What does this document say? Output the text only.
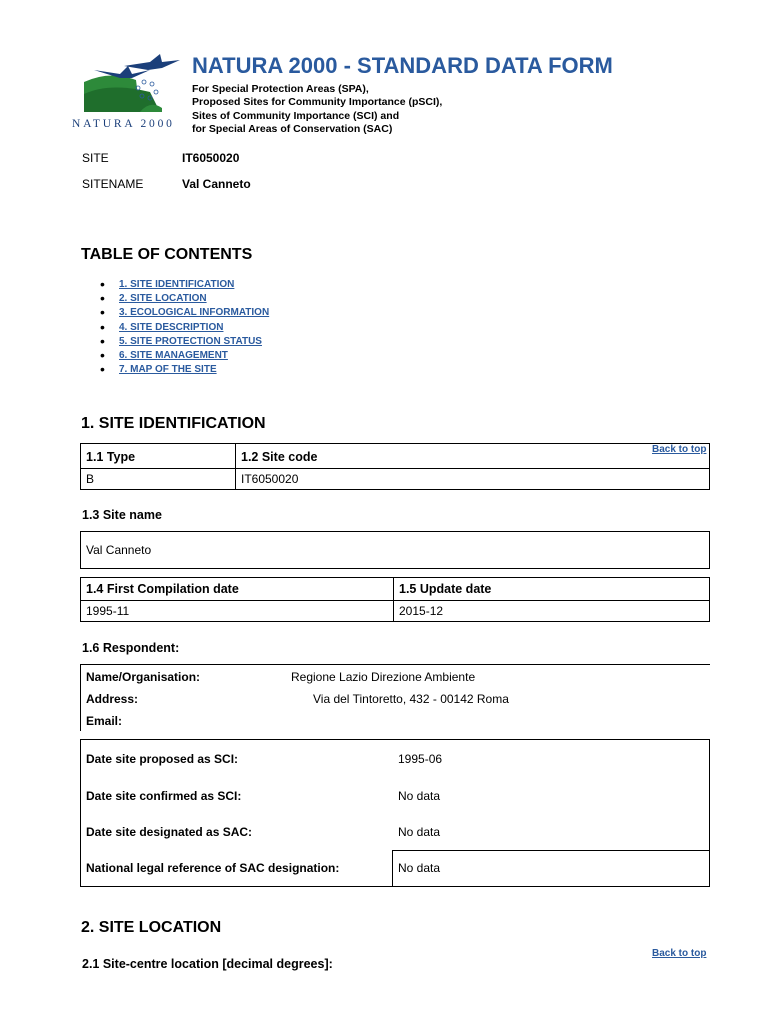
NATURA 2000
NATURA 2000 - STANDARD DATA FORM
For Special Protection Areas (SPA),
Proposed Sites for Community Importance (pSCI),
Sites of Community Importance (SCI) and
for Special Areas of Conservation (SAC)
SITE	IT6050020
SITENAME	Val Canneto
TABLE OF CONTENTS
• 1. SITE IDENTIFICATION
• 2. SITE LOCATION
• 3. ECOLOGICAL INFORMATION
• 4. SITE DESCRIPTION
• 5. SITE PROTECTION STATUS
• 6. SITE MANAGEMENT
• 7. MAP OF THE SITE
1. SITE IDENTIFICATION
Back to top
1.1 Type	1.2 Site code
B	IT6050020
1.3 Site name
Val Canneto
1.4 First Compilation date	1.5 Update date
1995-11	2015-12
1.6 Respondent:
Name/Organisation:	Regione Lazio Direzione Ambiente
Address:	Via del Tintoretto, 432 - 00142 Roma
Email:
Date site proposed as SCI:	1995-06
Date site confirmed as SCI:	No data
Date site designated as SAC:	No data
National legal reference of SAC designation:	No data
2. SITE LOCATION
Back to top
2.1 Site-centre location [decimal degrees]:
